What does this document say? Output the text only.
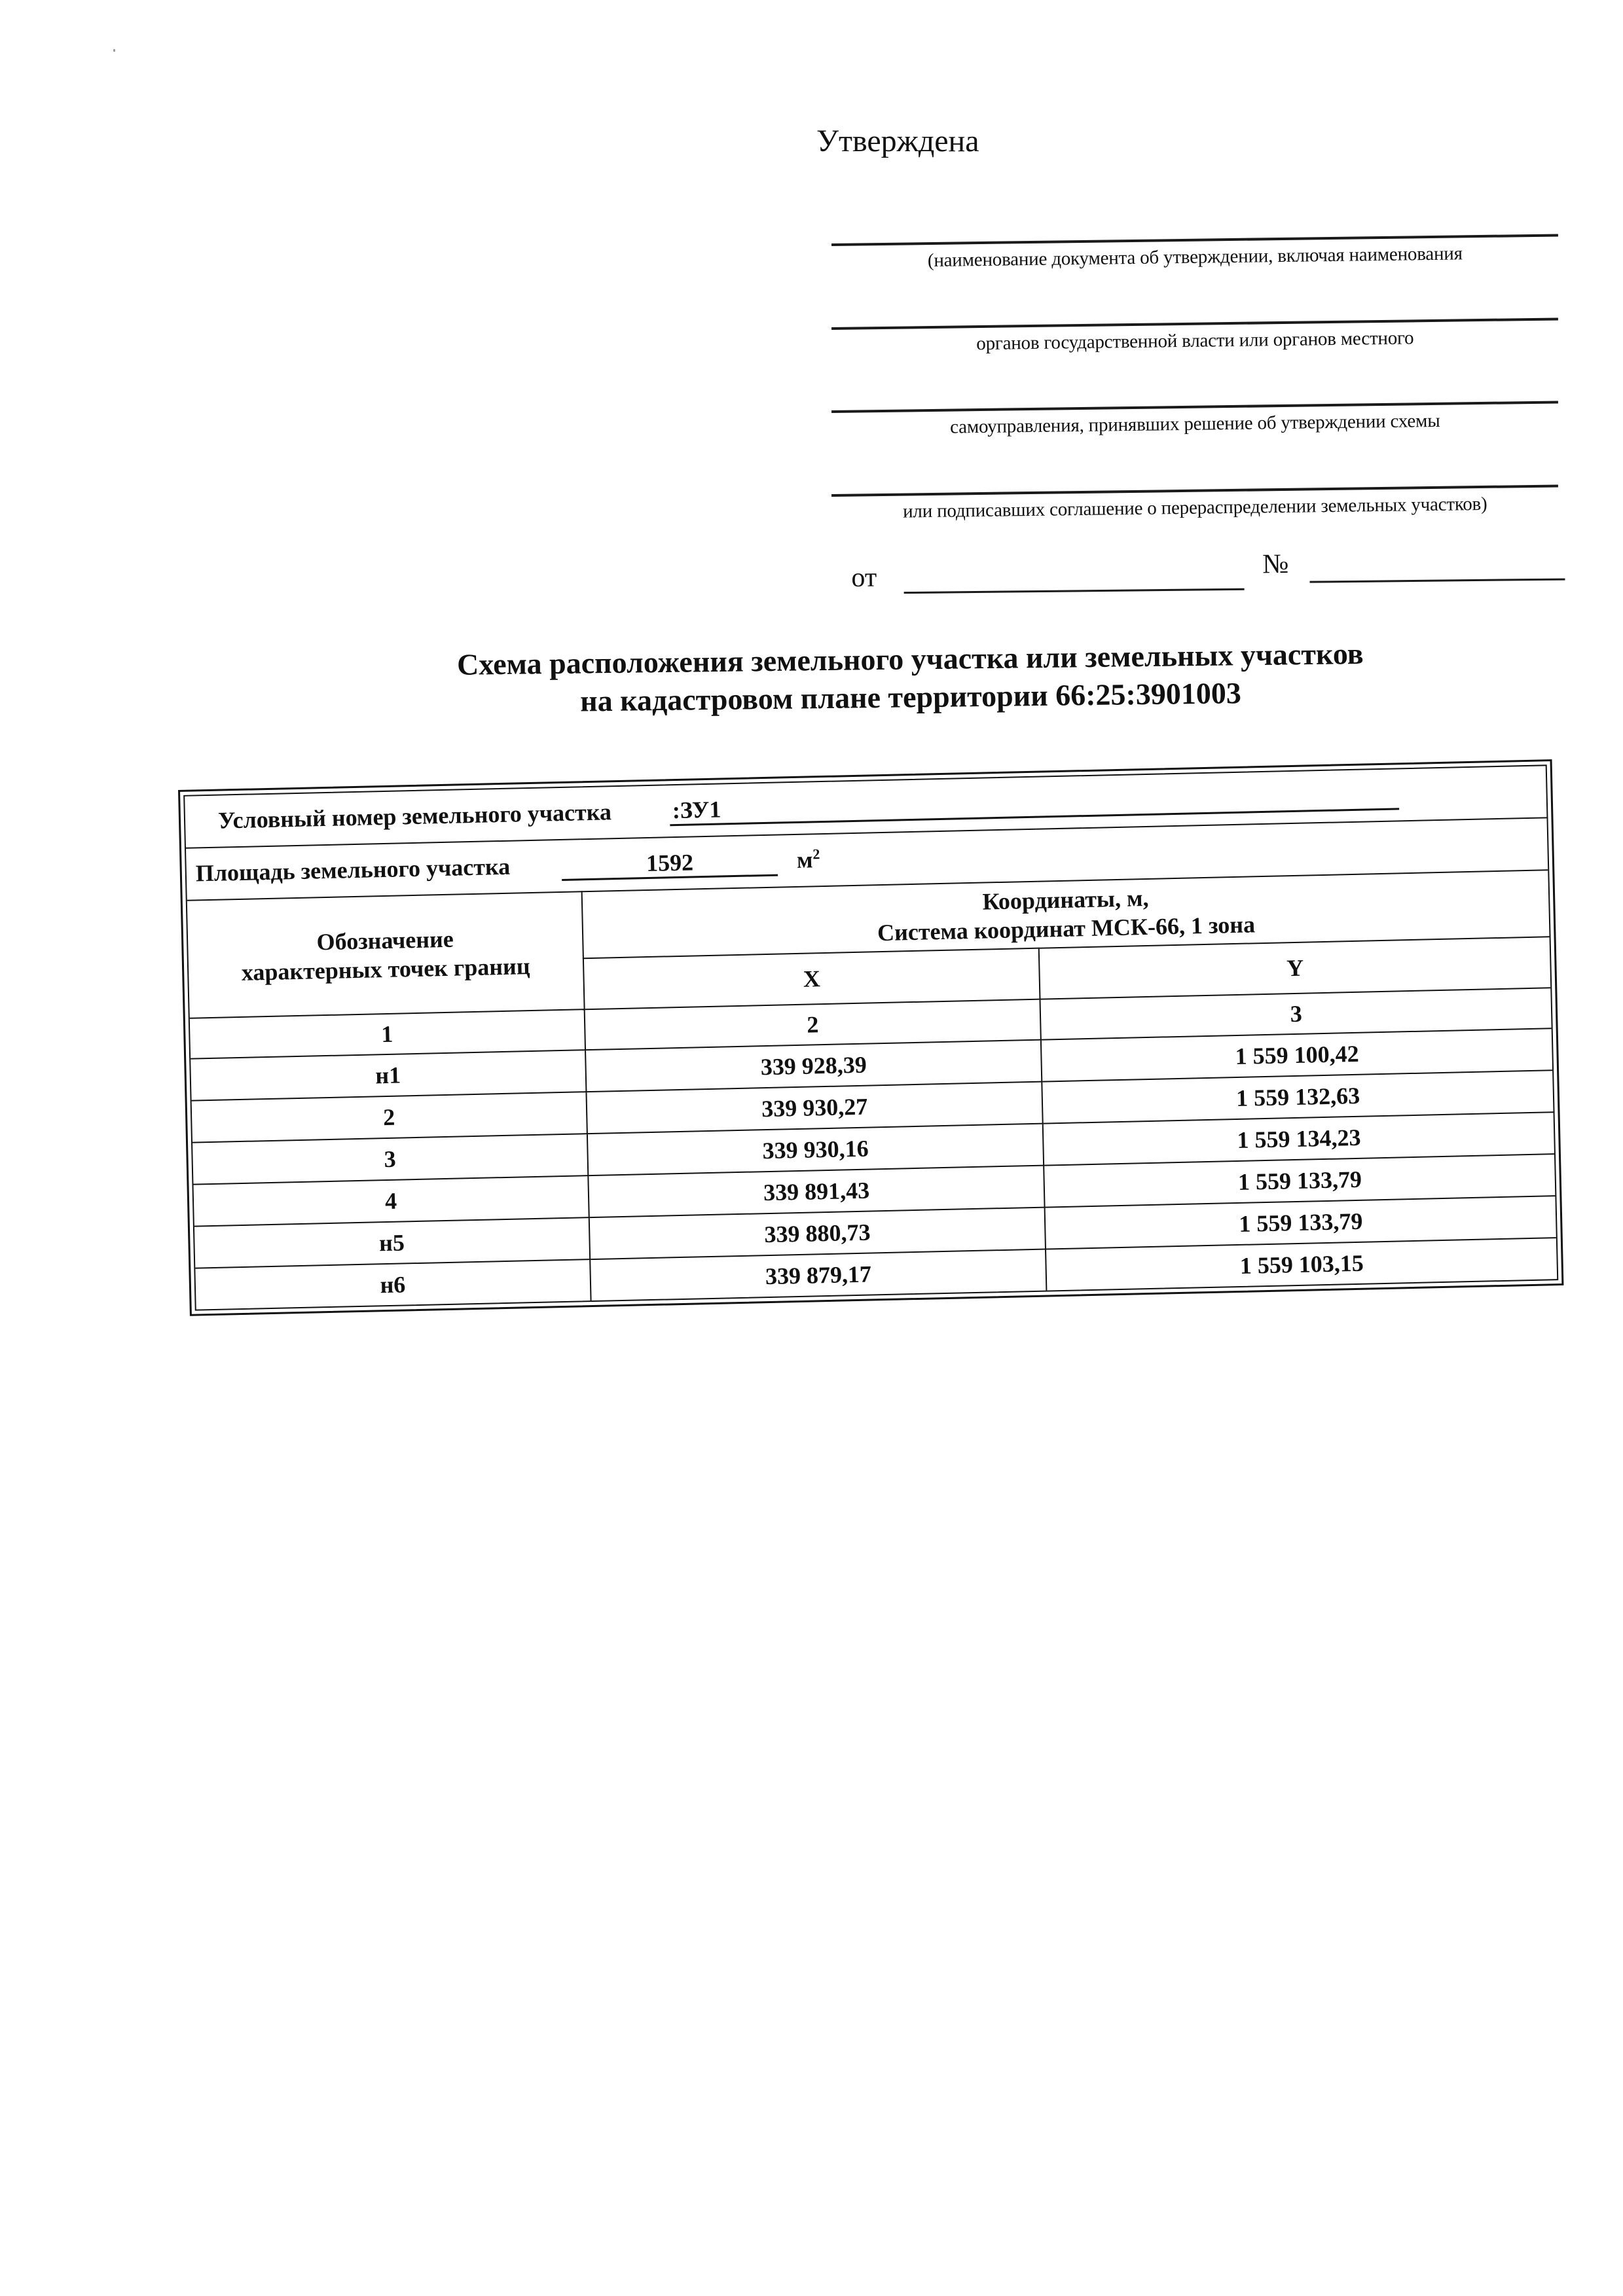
Утверждена
(наименование документа об утверждении, включая наименования
органов государственной власти или органов местного
самоуправления, принявших решение об утверждении схемы
или подписавших соглашение о перераспределении земельных участков)
от	№
Схема расположения земельного участка или земельных участков
на кадастровом плане территории 66:25:3901003
Условный номер земельного участка :ЗУ1		
Площадь земельного участка 1592 $м^2$

Обозначение
характерных точек границ

Координаты, м,
Система координат МСК-66, 1 зона

	X	Y
1	2	3
н1	339 928,39	1 559 100,42
2	339 930,27	1 559 132,63
3	339 930,16	1 559 134,23
4	339 891,43	1 559 133,79
н5	339 880,73	1 559 133,79
н6	339 879,17	1 559 103,15
